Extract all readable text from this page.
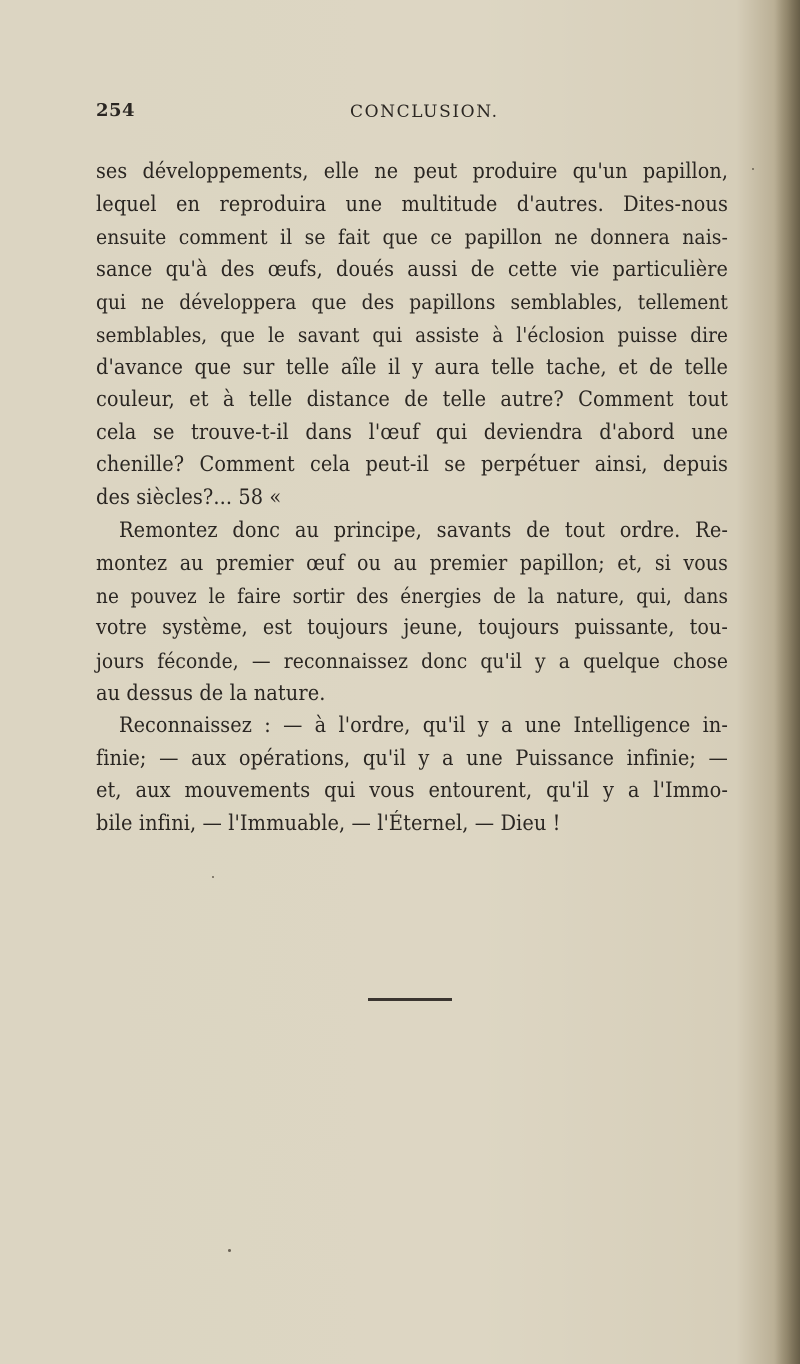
254	CONCLUSION.
ses développements, elle ne peut produire qu'un papillon,
lequel en reproduira une multitude d'autres. Dites-nous
ensuite comment il se fait que ce papillon ne donnera nais-
sance qu'à des œufs, doués aussi de cette vie particulière
qui ne développera que des papillons semblables, tellement
semblables, que le savant qui assiste à l'éclosion puisse dire
d'avance que sur telle aîle il y aura telle tache, et de telle
couleur, et à telle distance de telle autre? Comment tout
cela se trouve-t-il dans l'œuf qui deviendra d'abord une
chenille? Comment cela peut-il se perpétuer ainsi, depuis
des siècles?... 58 «
Remontez donc au principe, savants de tout ordre. Re-
montez au premier œuf ou au premier papillon; et, si vous
ne pouvez le faire sortir des énergies de la nature, qui, dans
votre système, est toujours jeune, toujours puissante, tou-
jours féconde, — reconnaissez donc qu'il y a quelque chose
au dessus de la nature.
Reconnaissez : — à l'ordre, qu'il y a une Intelligence in-
finie; — aux opérations, qu'il y a une Puissance infinie; —
et, aux mouvements qui vous entourent, qu'il y a l'Immo-
bile infini, — l'Immuable, — l'Éternel, — Dieu !
